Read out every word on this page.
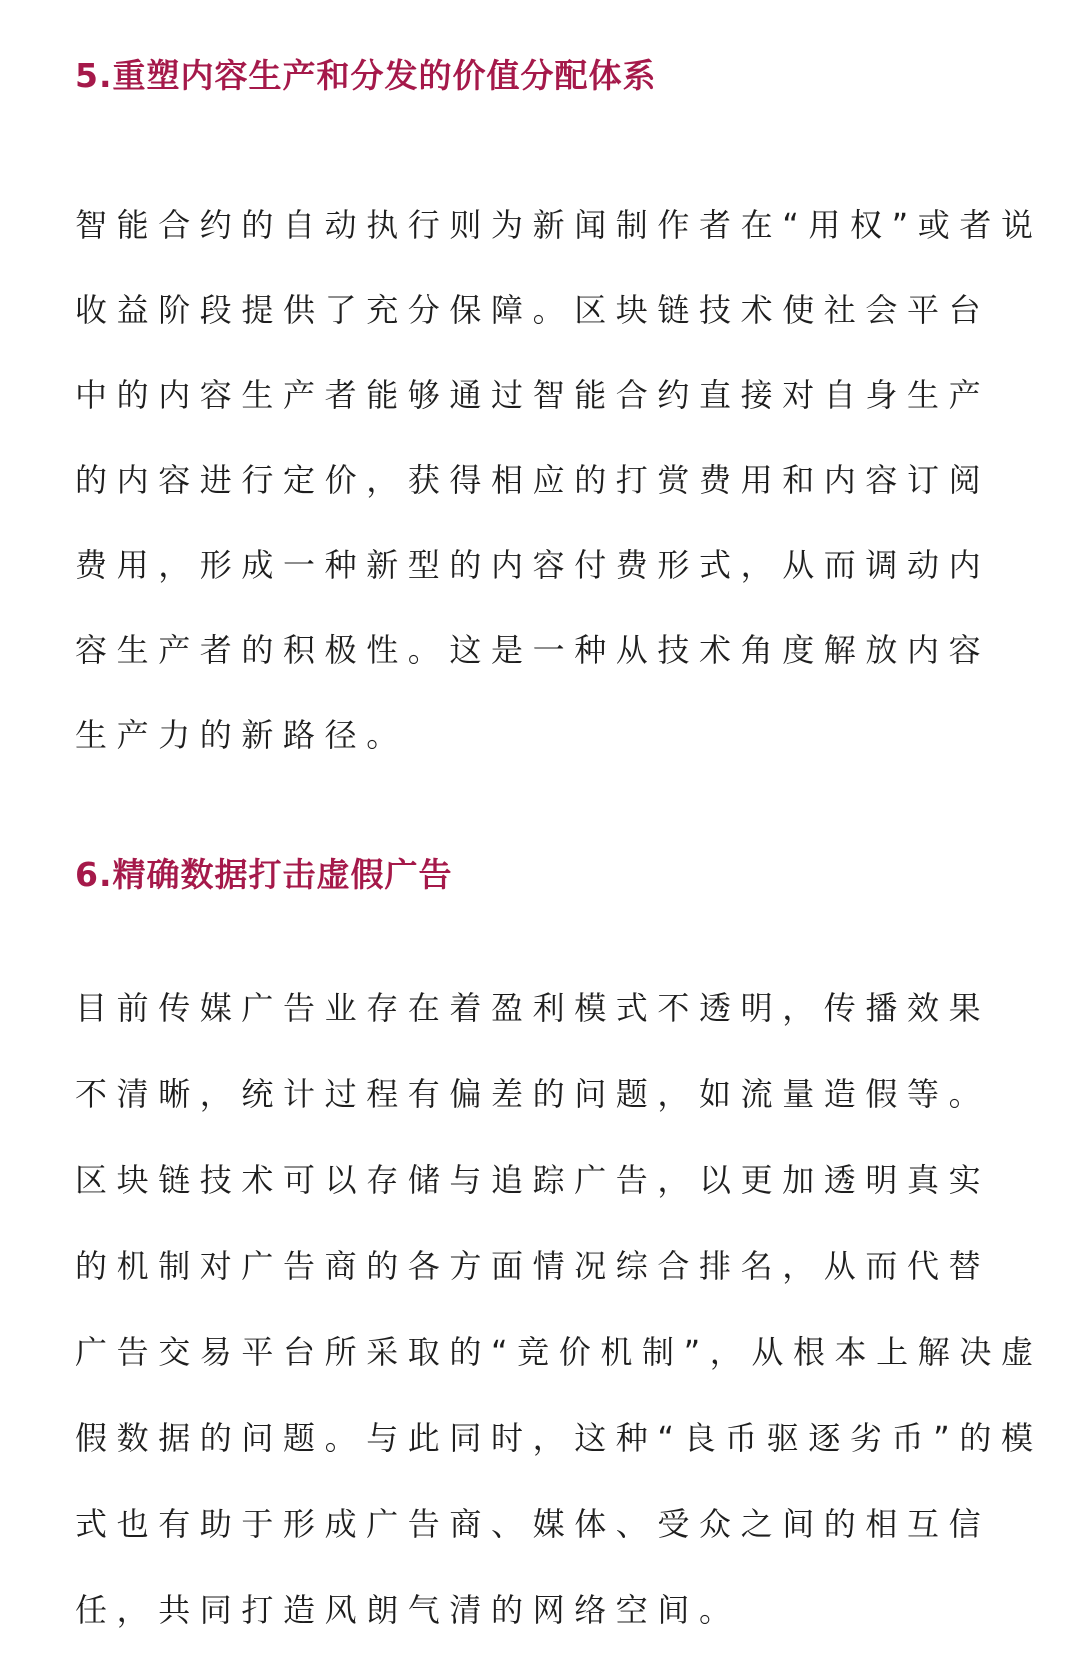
5.重塑内容生产和分发的价值分配体系
智能合约的自动执行则为新闻制作者在“用权”或者说
收益阶段提供了充分保障。区块链技术使社会平台
中的内容生产者能够通过智能合约直接对自身生产
的内容进行定价，获得相应的打赏费用和内容订阅
费用，形成一种新型的内容付费形式，从而调动内
容生产者的积极性。这是一种从技术角度解放内容
生产力的新路径。
6.精确数据打击虚假广告
目前传媒广告业存在着盈利模式不透明，传播效果
不清晰，统计过程有偏差的问题，如流量造假等。
区块链技术可以存储与追踪广告，以更加透明真实
的机制对广告商的各方面情况综合排名，从而代替
广告交易平台所采取的“竞价机制”，从根本上解决虚
假数据的问题。与此同时，这种“良币驱逐劣币”的模
式也有助于形成广告商、媒体、受众之间的相互信
任，共同打造风朗气清的网络空间。
